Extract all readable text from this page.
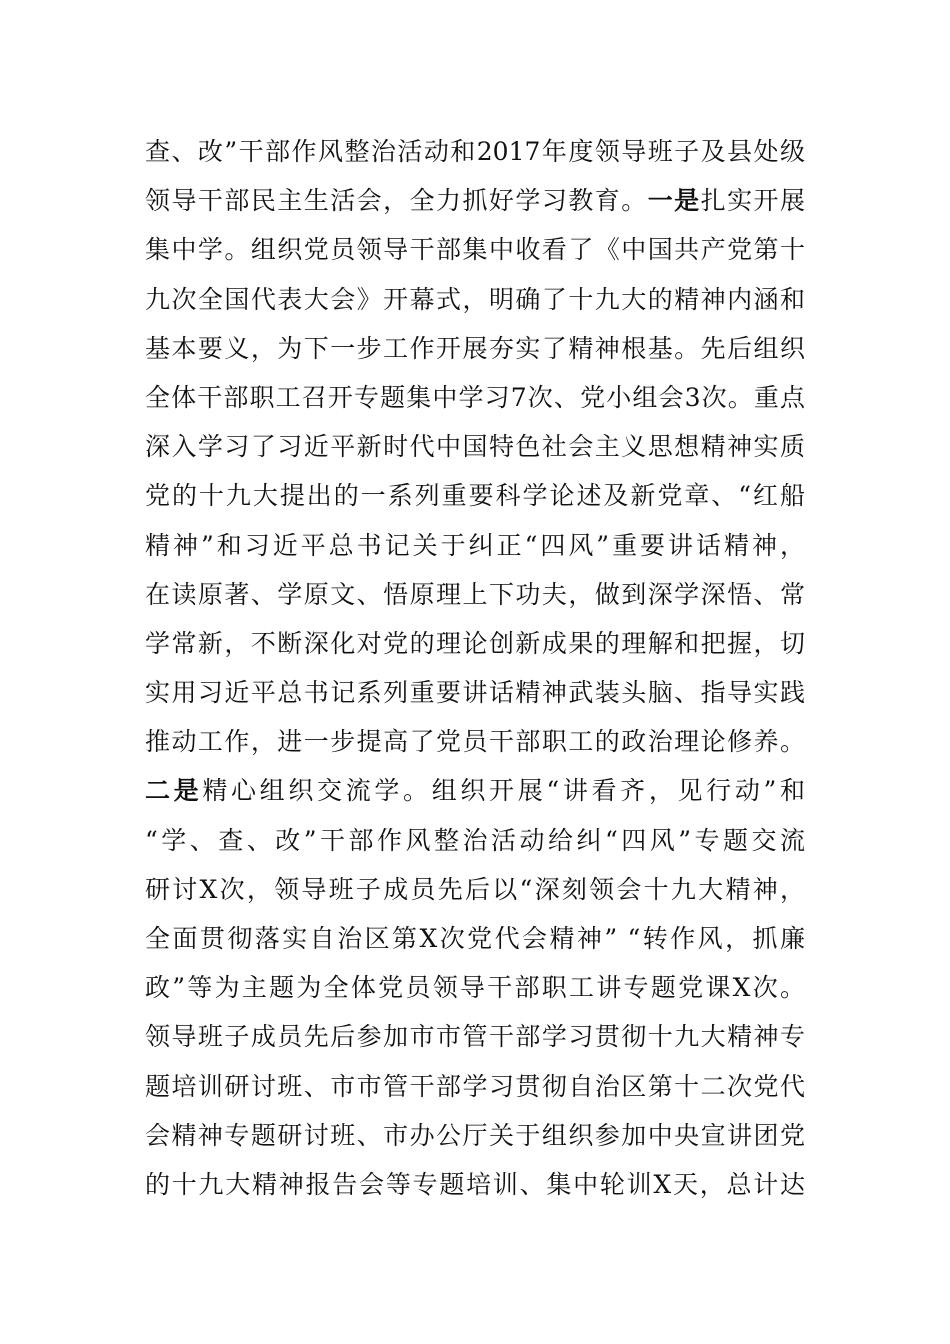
查、改”干部作风整治活动和2017年度领导班子及县处级
领导干部民主生活会，全力抓好学习教育。一是扎实开展
集中学。组织党员领导干部集中收看了《中国共产党第十
九次全国代表大会》开幕式，明确了十九大的精神内涵和
基本要义，为下一步工作开展夯实了精神根基。先后组织
全体干部职工召开专题集中学习7次、党小组会3次。重点
深入学习了习近平新时代中国特色社会主义思想精神实质
党的十九大提出的一系列重要科学论述及新党章、“红船
精神”和习近平总书记关于纠正“四风”重要讲话精神，
在读原著、学原文、悟原理上下功夫，做到深学深悟、常
学常新，不断深化对党的理论创新成果的理解和把握，切
实用习近平总书记系列重要讲话精神武装头脑、指导实践
推动工作，进一步提高了党员干部职工的政治理论修养。
二是精心组织交流学。组织开展“讲看齐，见行动”和
“学、查、改”干部作风整治活动给纠“四风”专题交流
研讨X次，领导班子成员先后以“深刻领会十九大精神，
全面贯彻落实自治区第X次党代会精神” “转作风，抓廉
政”等为主题为全体党员领导干部职工讲专题党课X次。
领导班子成员先后参加市市管干部学习贯彻十九大精神专
题培训研讨班、市市管干部学习贯彻自治区第十二次党代
会精神专题研讨班、市办公厅关于组织参加中央宣讲团党
的十九大精神报告会等专题培训、集中轮训X天，总计达
